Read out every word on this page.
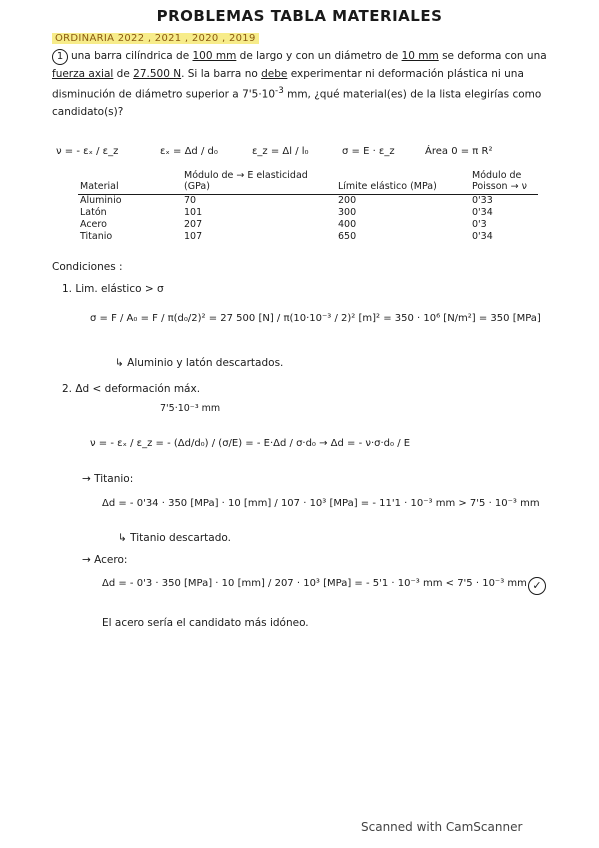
PROBLEMAS TABLA MATERIALES
ORDINARIA 2022 , 2021 , 2020 , 2019
1 una barra cilíndrica de 100 mm de largo y con un diámetro de 10 mm se deforma con una fuerza axial de 27.500 N. Si la barra no debe experimentar ni deformación plástica ni una disminución de diámetro superior a $7'5\cdot 10^{-3}$ mm, ¿qué material(es) de la lista elegirías como candidato(s)?
ν = - εₓ / ε_z	εₓ = Δd / d₀	ε_z = Δl / l₀	σ = E · ε_z	Área 0 = π R²
Material	Módulo de → E elasticidad (GPa)	Límite elástico (MPa)	Módulo de Poisson → ν
Aluminio	70	200	0'33
Latón	101	300	0'34
Acero	207	400	0'3
Titanio	107	650	0'34
Condiciones :
1. Lim. elástico > σ
σ = F / A₀ = F / π(d₀/2)² = 27 500 [N] / π(10·10⁻³ / 2)² [m]² = 350 · 10⁶ [N/m²] = 350 [MPa]
↳ Aluminio y latón descartados.
2. Δd < deformación máx.
7'5·10⁻³ mm
ν = - εₓ / ε_z = - (Δd/d₀) / (σ/E) = - E·Δd / σ·d₀ → Δd = - ν·σ·d₀ / E
→ Titanio:
Δd = - 0'34 · 350 [MPa] · 10 [mm] / 107 · 10³ [MPa] = - 11'1 · 10⁻³ mm > 7'5 · 10⁻³ mm
↳ Titanio descartado.
→ Acero:
Δd = - 0'3 · 350 [MPa] · 10 [mm] / 207 · 10³ [MPa] = - 5'1 · 10⁻³ mm < 7'5 · 10⁻³ mm ✓
El acero sería el candidato más idóneo.
Scanned with CamScanner
